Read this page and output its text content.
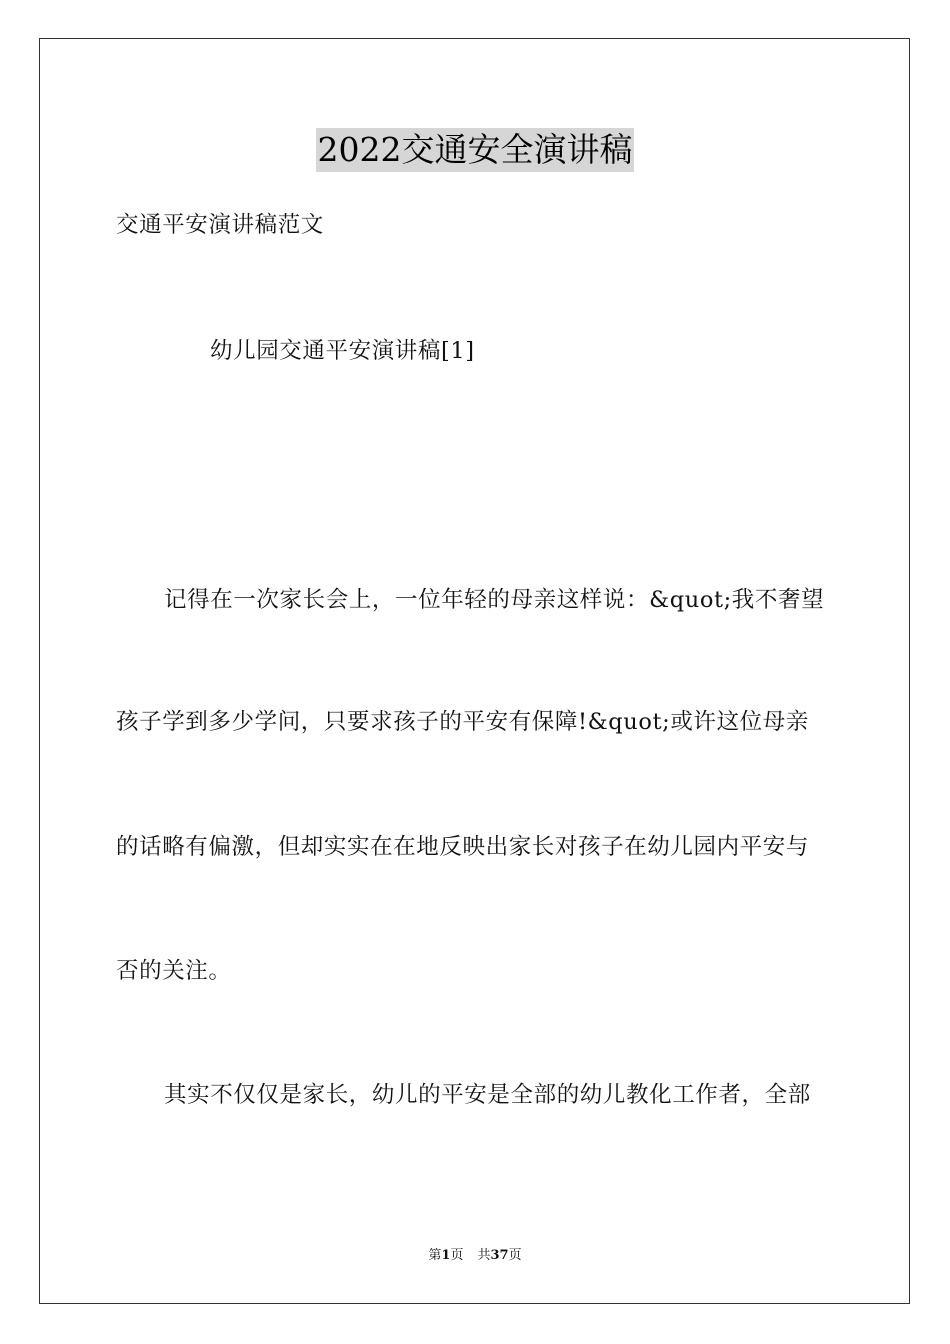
2022交通安全演讲稿
交通平安演讲稿范文
幼儿园交通平安演讲稿[1]
记得在一次家长会上，一位年轻的母亲这样说：&quot;我不奢望
孩子学到多少学问，只要求孩子的平安有保障!&quot;或许这位母亲
的话略有偏激，但却实实在在地反映出家长对孩子在幼儿园内平安与
否的关注。
其实不仅仅是家长，幼儿的平安是全部的幼儿教化工作者，全部
第1页 共37页
